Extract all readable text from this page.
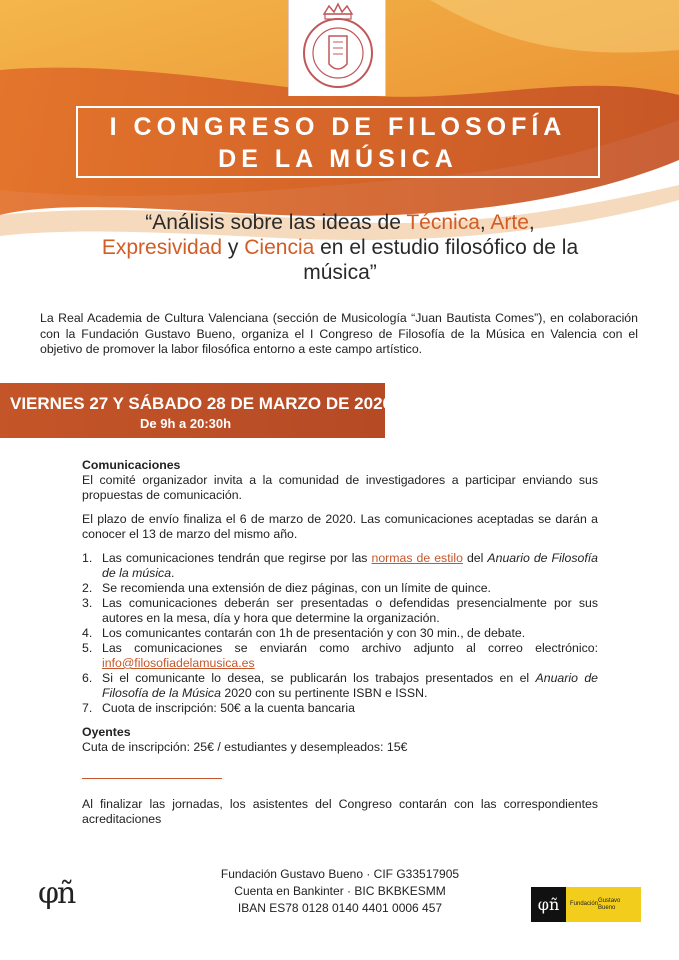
I CONGRESO DE FILOSOFÍA
DE LA MÚSICA
“Análisis sobre las ideas de Técnica, Arte,
Expresividad y Ciencia en el estudio filosófico de la
música”

La Real Academia de Cultura Valenciana (sección de Musicología “Juan Bautista Comes”), en colaboración con la Fundación Gustavo Bueno, organiza el I Congreso de Filosofía de la Música en Valencia con el objetivo de promover la labor filosófica entorno a este campo artístico.

VIERNES 27 Y SÁBADO 28 DE MARZO DE 2020
De 9h a 20:30h
Comunicaciones

El comité organizador invita a la comunidad de investigadores a participar enviando sus propuestas de comunicación.

El plazo de envío finaliza el 6 de marzo de 2020. Las comunicaciones aceptadas se darán a conocer el 13 de marzo del mismo año.

1. Las comunicaciones tendrán que regirse por las normas de estilo del Anuario de Filosofía de la música.
2. Se recomienda una extensión de diez páginas, con un límite de quince.
3. Las comunicaciones deberán ser presentadas o defendidas presencialmente por sus autores en la mesa, día y hora que determine la organización.
4. Los comunicantes contarán con 1h de presentación y con 30 min., de debate.
5. Las comunicaciones se enviarán como archivo adjunto al correo electrónico: info@filosofiadelamusica.es
6. Si el comunicante lo desea, se publicarán los trabajos presentados en el Anuario de Filosofía de la Música 2020 con su pertinente ISBN e ISSN.
7. Cuota de inscripción: 50€ a la cuenta bancaria
Oyentes

Cuta de inscripción: 25€ / estudiantes y desempleados: 15€

Al finalizar las jornadas, los asistentes del Congreso contarán con las correspondientes acreditaciones

φñ
Fundación Gustavo Bueno · CIF G33517905
Cuenta en Bankinter · BIC BKBKESMM
IBAN ES78 0128 0140 4401 0006 457	φñ	Fundación
Gustavo Bueno
